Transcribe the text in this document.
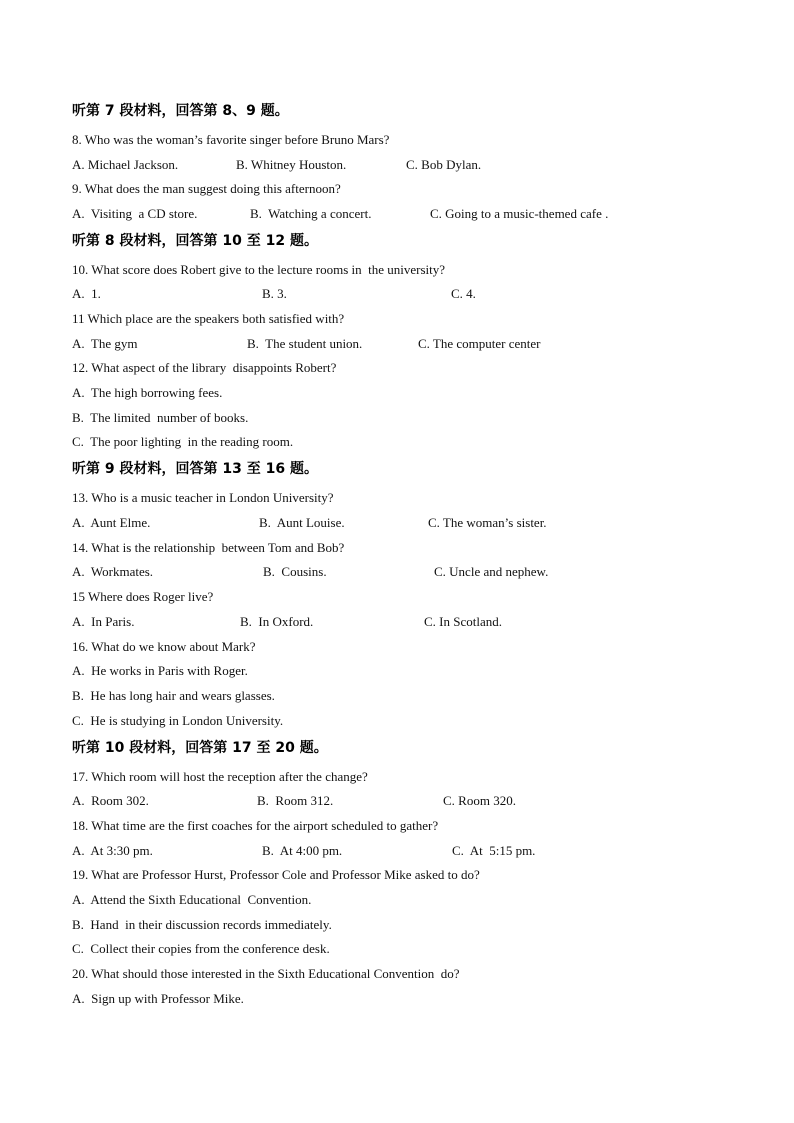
听第 7 段材料，回答第 8、9 题。
8. Who was the woman’s favorite singer before Bruno Mars?
A. Michael Jackson.	B. Whitney Houston.	C. Bob Dylan.
9. What does the man suggest doing this afternoon?
A.  Visiting  a CD store.	B.  Watching a concert.	C. Going to a music-themed cafe .
听第 8 段材料，回答第 10 至 12 题。
10. What score does Robert give to the lecture rooms in  the university?
A.  1.	B. 3.	C. 4.
11 Which place are the speakers both satisfied with?
A.  The gym	B.  The student union.	C. The computer center
12. What aspect of the library  disappoints Robert?
A.  The high borrowing fees.
B.  The limited  number of books.
C.  The poor lighting  in the reading room.
听第 9 段材料，回答第 13 至 16 题。
13. Who is a music teacher in London University?
A.  Aunt Elme.	B.  Aunt Louise.	C. The woman’s sister.
14. What is the relationship  between Tom and Bob?
A.  Workmates.	B.  Cousins.	C. Uncle and nephew.
15 Where does Roger live?
A.  In Paris.	B.  In Oxford.	C. In Scotland.
16. What do we know about Mark?
A.  He works in Paris with Roger.
B.  He has long hair and wears glasses.
C.  He is studying in London University.
听第 10 段材料，回答第 17 至 20 题。
17. Which room will host the reception after the change?
A.  Room 302.	B.  Room 312.	C. Room 320.
18. What time are the first coaches for the airport scheduled to gather?
A.  At 3:30 pm.	B.  At 4:00 pm.	C.  At  5:15 pm.
19. What are Professor Hurst, Professor Cole and Professor Mike asked to do?
A.  Attend the Sixth Educational  Convention.
B.  Hand  in their discussion records immediately.
C.  Collect their copies from the conference desk.
20. What should those interested in the Sixth Educational Convention  do?
A.  Sign up with Professor Mike.
